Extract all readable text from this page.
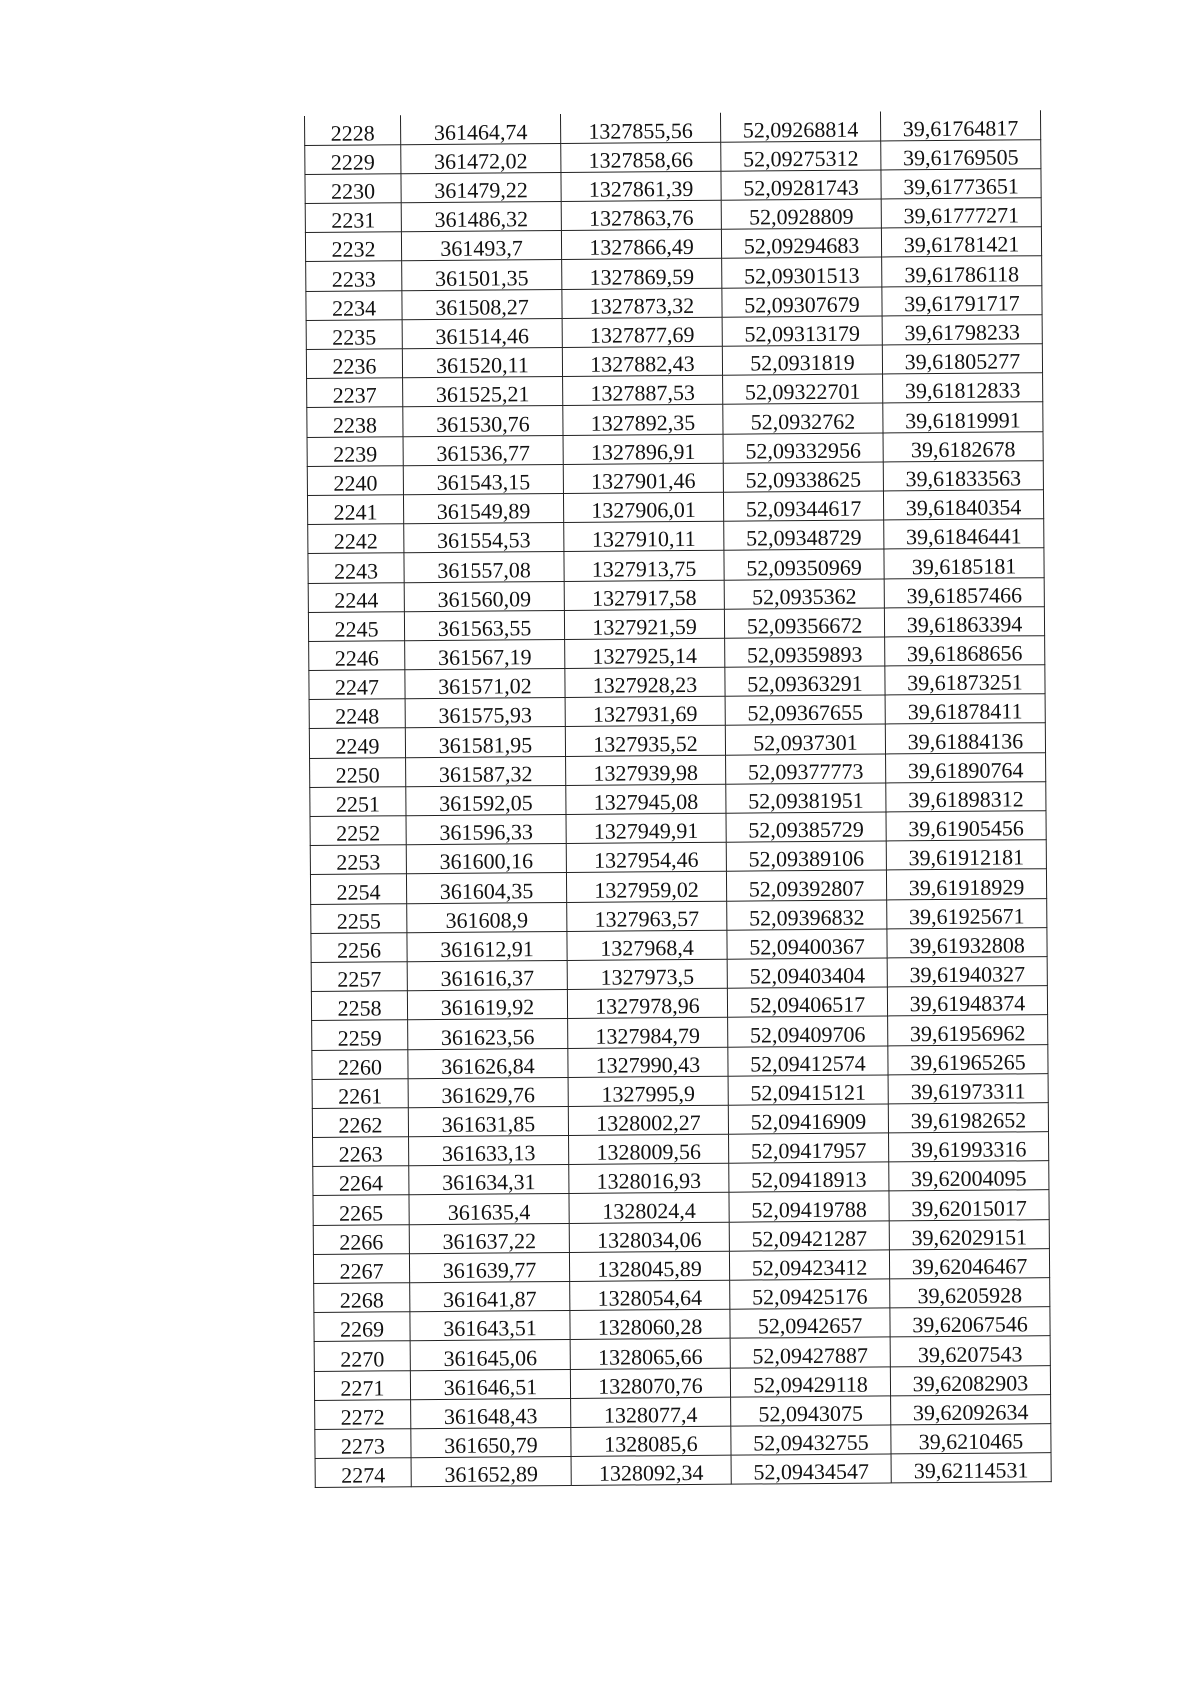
2228	361464,74	1327855,56	52,09268814	39,61764817
2229	361472,02	1327858,66	52,09275312	39,61769505
2230	361479,22	1327861,39	52,09281743	39,61773651
2231	361486,32	1327863,76	52,0928809	39,61777271
2232	361493,7	1327866,49	52,09294683	39,61781421
2233	361501,35	1327869,59	52,09301513	39,61786118
2234	361508,27	1327873,32	52,09307679	39,61791717
2235	361514,46	1327877,69	52,09313179	39,61798233
2236	361520,11	1327882,43	52,0931819	39,61805277
2237	361525,21	1327887,53	52,09322701	39,61812833
2238	361530,76	1327892,35	52,0932762	39,61819991
2239	361536,77	1327896,91	52,09332956	39,6182678
2240	361543,15	1327901,46	52,09338625	39,61833563
2241	361549,89	1327906,01	52,09344617	39,61840354
2242	361554,53	1327910,11	52,09348729	39,61846441
2243	361557,08	1327913,75	52,09350969	39,6185181
2244	361560,09	1327917,58	52,0935362	39,61857466
2245	361563,55	1327921,59	52,09356672	39,61863394
2246	361567,19	1327925,14	52,09359893	39,61868656
2247	361571,02	1327928,23	52,09363291	39,61873251
2248	361575,93	1327931,69	52,09367655	39,61878411
2249	361581,95	1327935,52	52,0937301	39,61884136
2250	361587,32	1327939,98	52,09377773	39,61890764
2251	361592,05	1327945,08	52,09381951	39,61898312
2252	361596,33	1327949,91	52,09385729	39,61905456
2253	361600,16	1327954,46	52,09389106	39,61912181
2254	361604,35	1327959,02	52,09392807	39,61918929
2255	361608,9	1327963,57	52,09396832	39,61925671
2256	361612,91	1327968,4	52,09400367	39,61932808
2257	361616,37	1327973,5	52,09403404	39,61940327
2258	361619,92	1327978,96	52,09406517	39,61948374
2259	361623,56	1327984,79	52,09409706	39,61956962
2260	361626,84	1327990,43	52,09412574	39,61965265
2261	361629,76	1327995,9	52,09415121	39,61973311
2262	361631,85	1328002,27	52,09416909	39,61982652
2263	361633,13	1328009,56	52,09417957	39,61993316
2264	361634,31	1328016,93	52,09418913	39,62004095
2265	361635,4	1328024,4	52,09419788	39,62015017
2266	361637,22	1328034,06	52,09421287	39,62029151
2267	361639,77	1328045,89	52,09423412	39,62046467
2268	361641,87	1328054,64	52,09425176	39,6205928
2269	361643,51	1328060,28	52,0942657	39,62067546
2270	361645,06	1328065,66	52,09427887	39,6207543
2271	361646,51	1328070,76	52,09429118	39,62082903
2272	361648,43	1328077,4	52,0943075	39,62092634
2273	361650,79	1328085,6	52,09432755	39,6210465
2274	361652,89	1328092,34	52,09434547	39,62114531
